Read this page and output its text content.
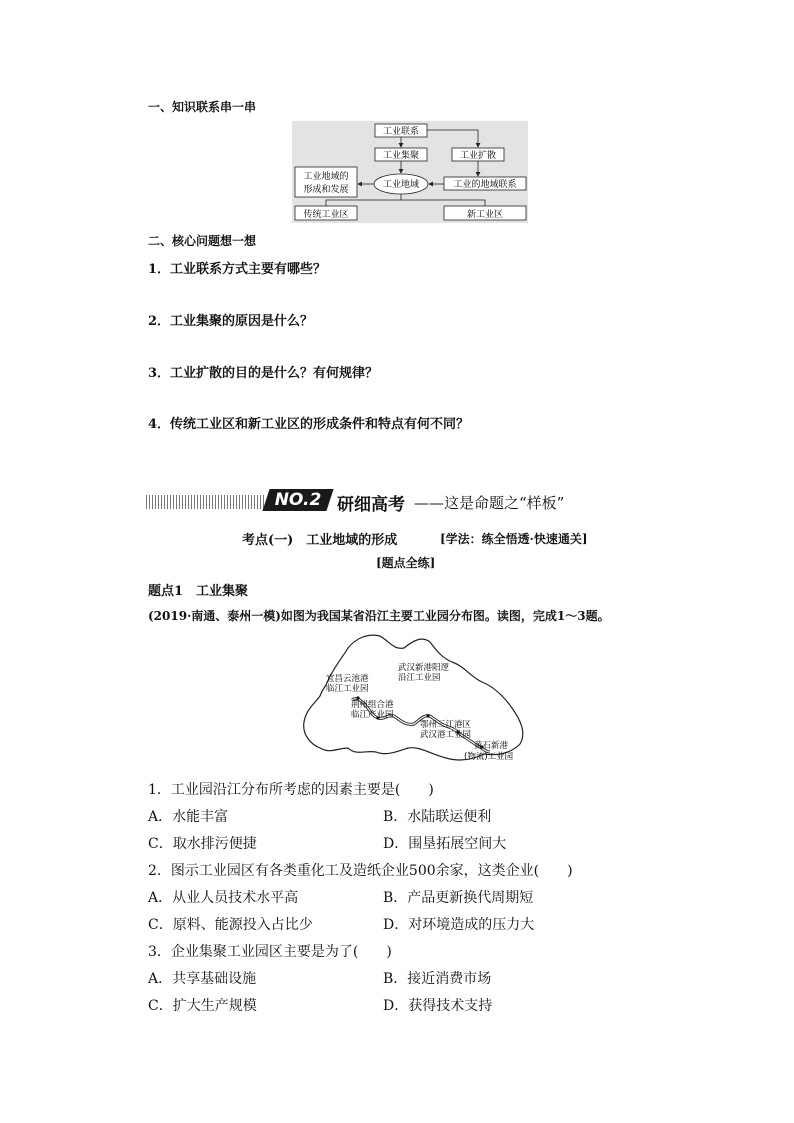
一、知识联系串一串
工业联系
工业集聚	工业扩散
工业地域的
形成和发展	工业地域	工业的地域联系
传统工业区	新工业区
二、核心问题想一想
1．工业联系方式主要有哪些？
2．工业集聚的原因是什么？
3．工业扩散的目的是什么？有何规律？
4．传统工业区和新工业区的形成条件和特点有何不同？
NO.2 研细高考 ——这是命题之“样板”
考点(一)　工业地域的形成	[学法：练全悟透·快速通关]
[题点全练]
题点1　工业集聚
(2019·南通、泰州一模)如图为我国某省沿江主要工业园分布图。读图，完成1～3题。
宜昌云池港
临江工业园
武汉新港阳逻
沿江工业园
荆州组合港
临江产业园
鄂州三江港区
武汉港工业园
黄石新港
(物流)工业园
1．工业园沿江分布所考虑的因素主要是(　　)
A．水能丰富	B．水陆联运便利
C．取水排污便捷	D．围垦拓展空间大
2．图示工业园区有各类重化工及造纸企业500余家，这类企业(　　)
A．从业人员技术水平高	B．产品更新换代周期短
C．原料、能源投入占比少	D．对环境造成的压力大
3．企业集聚工业园区主要是为了(　　)
A．共享基础设施	B．接近消费市场
C．扩大生产规模	D．获得技术支持
